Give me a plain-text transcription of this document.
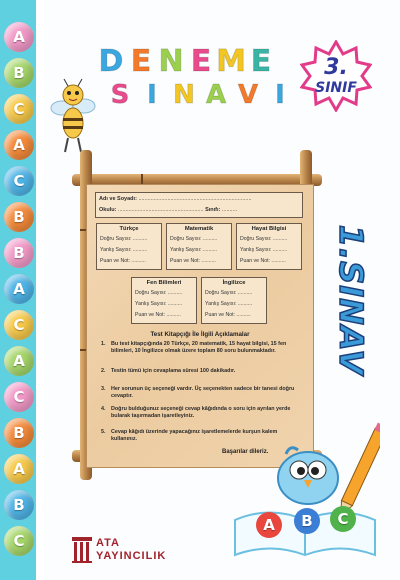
A
B
C
A
C
B
B
A
C
A
C
B
A
B
C
D E N E M E
S I N A V I
3.
SINIF
Adı ve Soyadı: ..........................................................................
Okulu: ........................................................ Sınıfı: ..........
Türkçe
Doğru Sayısı: ..........
Yanlış Sayısı: ..........
Puan ve Not: ..........
Matematik
Doğru Sayısı: ..........
Yanlış Sayısı: ..........
Puan ve Not: ..........
Hayat Bilgisi
Doğru Sayısı: ..........
Yanlış Sayısı: ..........
Puan ve Not: ..........
Fen Bilimleri
Doğru Sayısı: ..........
Yanlış Sayısı: ..........
Puan ve Not: ..........
İngilizce
Doğru Sayısı: ..........
Yanlış Sayısı: ..........
Puan ve Not: ..........
Test Kitapçığı İle İlgili Açıklamalar
1. Bu test kitapçığında 20 Türkçe, 20 matematik, 15 hayat bilgisi, 15 fen bilimleri, 10 İngilizce olmak üzere toplam 80 soru bulunmaktadır.
2. Testin tümü için cevaplama süresi 100 dakikadır.
3. Her sorunun üç seçeneği vardır. Üç seçenekten sadece bir tanesi doğru cevaptır.
4. Doğru bulduğunuz seçeneği cevap kâğıdında o soru için ayrılan yerde bularak taşırmadan işaretleyiniz.
5. Cevap kâğıdı üzerinde yapacağınız işaretlemelerde kurşun kalem kullanınız.
Başarılar dileriz.
1.SINAV
A	B	C
ATA
YAYINCILIK
